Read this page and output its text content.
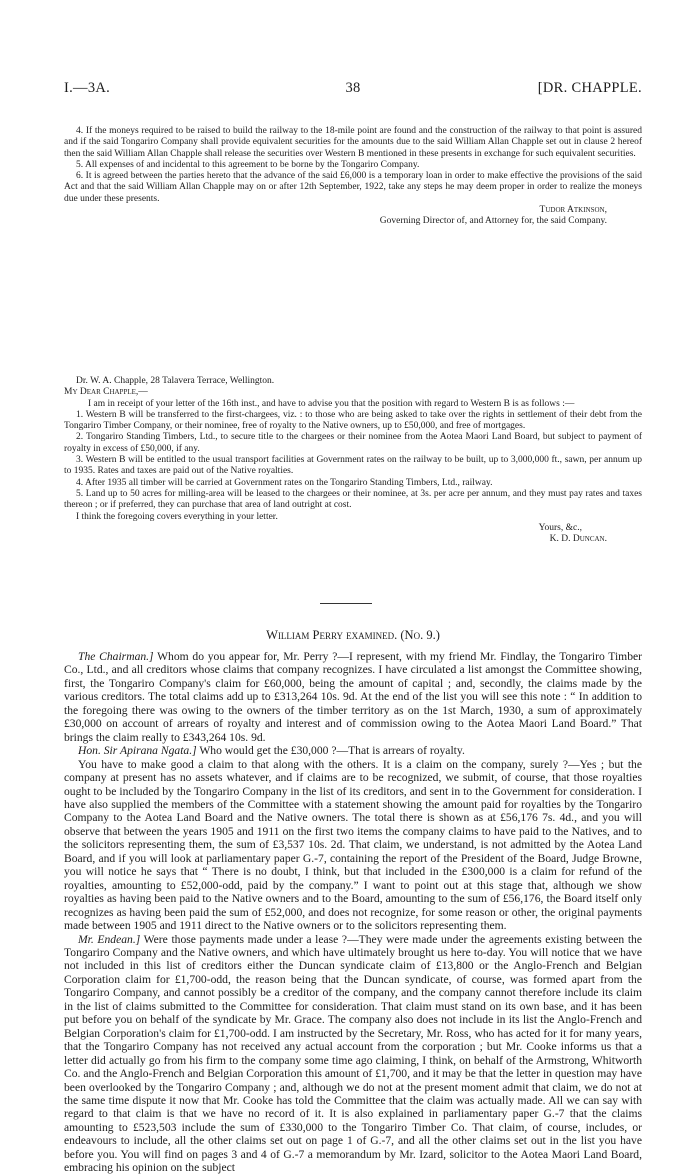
I.—3A.	38	[DR. CHAPPLE.

4. If the moneys required to be raised to build the railway to the 18-mile point are found and the construction of the railway to that point is assured and if the said Tongariro Company shall provide equivalent securities for the amounts due to the said William Allan Chapple set out in clause 2 hereof then the said William Allan Chapple shall release the securities over Western B mentioned in these presents in exchange for such equivalent securities.

5. All expenses of and incidental to this agreement to be borne by the Tongariro Company.

6. It is agreed between the parties hereto that the advance of the said £6,000 is a temporary loan in order to make effective the provisions of the said Act and that the said William Allan Chapple may on or after 12th September, 1922, take any steps he may deem proper in order to realize the moneys due under these presents.

Tudor Atkinson,

Governing Director of, and Attorney for, the said Company.

Dr. W. A. Chapple, 28 Talavera Terrace, Wellington.

My Dear Chapple,—

I am in receipt of your letter of the 16th inst., and have to advise you that the position with regard to Western B is as follows :—

1. Western B will be transferred to the first-chargees, viz. : to those who are being asked to take over the rights in settlement of their debt from the Tongariro Timber Company, or their nominee, free of royalty to the Native owners, up to £50,000, and free of mortgages.

2. Tongariro Standing Timbers, Ltd., to secure title to the chargees or their nominee from the Aotea Maori Land Board, but subject to payment of royalty in excess of £50,000, if any.

3. Western B will be entitled to the usual transport facilities at Government rates on the railway to be built, up to 3,000,000 ft., sawn, per annum up to 1935. Rates and taxes are paid out of the Native royalties.

4. After 1935 all timber will be carried at Government rates on the Tongariro Standing Timbers, Ltd., railway.

5. Land up to 50 acres for milling-area will be leased to the chargees or their nominee, at 3s. per acre per annum, and they must pay rates and taxes thereon ; or if preferred, they can purchase that area of land outright at cost.

I think the foregoing covers everything in your letter.

Yours, &c.,

K. D. Duncan.

William Perry examined. (No. 9.)

The Chairman.] Whom do you appear for, Mr. Perry ?—I represent, with my friend Mr. Findlay, the Tongariro Timber Co., Ltd., and all creditors whose claims that company recognizes. I have circulated a list amongst the Committee showing, first, the Tongariro Company's claim for £60,000, being the amount of capital ; and, secondly, the claims made by the various creditors. The total claims add up to £313,264 10s. 9d. At the end of the list you will see this note : “ In addition to the foregoing there was owing to the owners of the timber territory as on the 1st March, 1930, a sum of approximately £30,000 on account of arrears of royalty and interest and of commission owing to the Aotea Maori Land Board.” That brings the claim really to £343,264 10s. 9d.

Hon. Sir Apirana Ngata.] Who would get the £30,000 ?—That is arrears of royalty.

You have to make good a claim to that along with the others. It is a claim on the company, surely ?—Yes ; but the company at present has no assets whatever, and if claims are to be recognized, we submit, of course, that those royalties ought to be included by the Tongariro Company in the list of its creditors, and sent in to the Government for consideration. I have also supplied the members of the Committee with a statement showing the amount paid for royalties by the Tongariro Company to the Aotea Land Board and the Native owners. The total there is shown as at £56,176 7s. 4d., and you will observe that between the years 1905 and 1911 on the first two items the company claims to have paid to the Natives, and to the solicitors representing them, the sum of £3,537 10s. 2d. That claim, we understand, is not admitted by the Aotea Land Board, and if you will look at parliamentary paper G.-7, containing the report of the President of the Board, Judge Browne, you will notice he says that “ There is no doubt, I think, but that included in the £300,000 is a claim for refund of the royalties, amounting to £52,000-odd, paid by the company.” I want to point out at this stage that, although we show royalties as having been paid to the Native owners and to the Board, amounting to the sum of £56,176, the Board itself only recognizes as having been paid the sum of £52,000, and does not recognize, for some reason or other, the original payments made between 1905 and 1911 direct to the Native owners or to the solicitors representing them.

Mr. Endean.] Were those payments made under a lease ?—They were made under the agreements existing between the Tongariro Company and the Native owners, and which have ultimately brought us here to-day. You will notice that we have not included in this list of creditors either the Duncan syndicate claim of £13,800 or the Anglo-French and Belgian Corporation claim for £1,700-odd, the reason being that the Duncan syndicate, of course, was formed apart from the Tongariro Company, and cannot possibly be a creditor of the company, and the company cannot therefore include its claim in the list of claims submitted to the Committee for consideration. That claim must stand on its own base, and it has been put before you on behalf of the syndicate by Mr. Grace. The company also does not include in its list the Anglo-French and Belgian Corporation's claim for £1,700-odd. I am instructed by the Secretary, Mr. Ross, who has acted for it for many years, that the Tongariro Company has not received any actual account from the corporation ; but Mr. Cooke informs us that a letter did actually go from his firm to the company some time ago claiming, I think, on behalf of the Armstrong, Whitworth Co. and the Anglo-French and Belgian Corporation this amount of £1,700, and it may be that the letter in question may have been overlooked by the Tongariro Company ; and, although we do not at the present moment admit that claim, we do not at the same time dispute it now that Mr. Cooke has told the Committee that the claim was actually made. All we can say with regard to that claim is that we have no record of it. It is also explained in parliamentary paper G.-7 that the claims amounting to £523,503 include the sum of £330,000 to the Tongariro Timber Co. That claim, of course, includes, or endeavours to include, all the other claims set out on page 1 of G.-7, and all the other claims set out in the list you have before you. You will find on pages 3 and 4 of G.-7 a memorandum by Mr. Izard, solicitor to the Aotea Maori Land Board, embracing his opinion on the subject
